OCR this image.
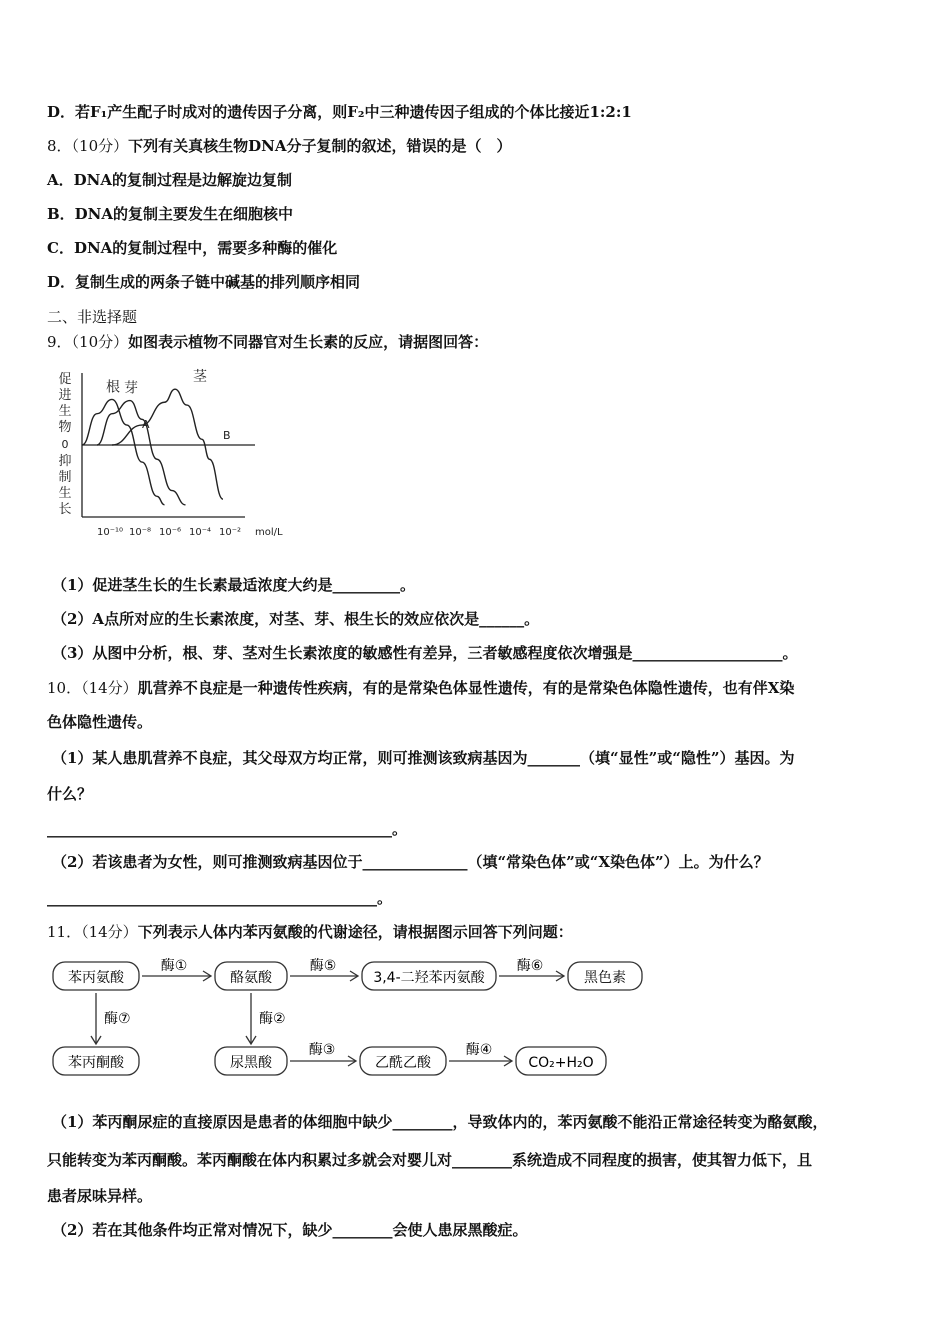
D．若F₁产生配子时成对的遗传因子分离，则F₂中三种遗传因子组成的个体比接近1:2:1
8．（10分）下列有关真核生物DNA分子复制的叙述，错误的是（　）
A．DNA的复制过程是边解旋边复制
B．DNA的复制主要发生在细胞核中
C．DNA的复制过程中，需要多种酶的催化
D．复制生成的两条子链中碱基的排列顺序相同
二、非选择题
9．（10分）如图表示植物不同器官对生长素的反应，请据图回答：
促
进
生
物
0
抑
制
生
长
根 芽
茎
10⁻¹⁰ 10⁻⁸ 10⁻⁶ 10⁻⁴ 10⁻² mol/L
A
B
（1）促进茎生长的生长素最适浓度大约是_________。
（2）A点所对应的生长素浓度，对茎、芽、根生长的效应依次是______。
（3）从图中分析，根、芽、茎对生长素浓度的敏感性有差异，三者敏感程度依次增强是____________________。
10．（14分）肌营养不良症是一种遗传性疾病，有的是常染色体显性遗传，有的是常染色体隐性遗传，也有伴X染
色体隐性遗传。
（1）某人患肌营养不良症，其父母双方均正常，则可推测该致病基因为_______（填“显性”或“隐性”）基因。为
什么？
______________________________________________。
（2）若该患者为女性，则可推测致病基因位于______________（填“常染色体”或“X染色体”）上。为什么？
____________________________________________。
11．（14分）下列表示人体内苯丙氨酸的代谢途径，请根据图示回答下列问题：
苯丙氨酸	酪氨酸	3,4-二羟苯丙氨酸	黑色素
苯丙酮酸	尿黑酸	乙酰乙酸	CO₂+H₂O
酶①	酶⑤	酶⑥
酶⑦	酶②
酶③	酶④
（1）苯丙酮尿症的直接原因是患者的体细胞中缺少________，导致体内的，苯丙氨酸不能沿正常途径转变为酪氨酸，
只能转变为苯丙酮酸。苯丙酮酸在体内积累过多就会对婴儿对________系统造成不同程度的损害，使其智力低下，且
患者尿味异样。
（2）若在其他条件均正常对情况下，缺少________会使人患尿黑酸症。
